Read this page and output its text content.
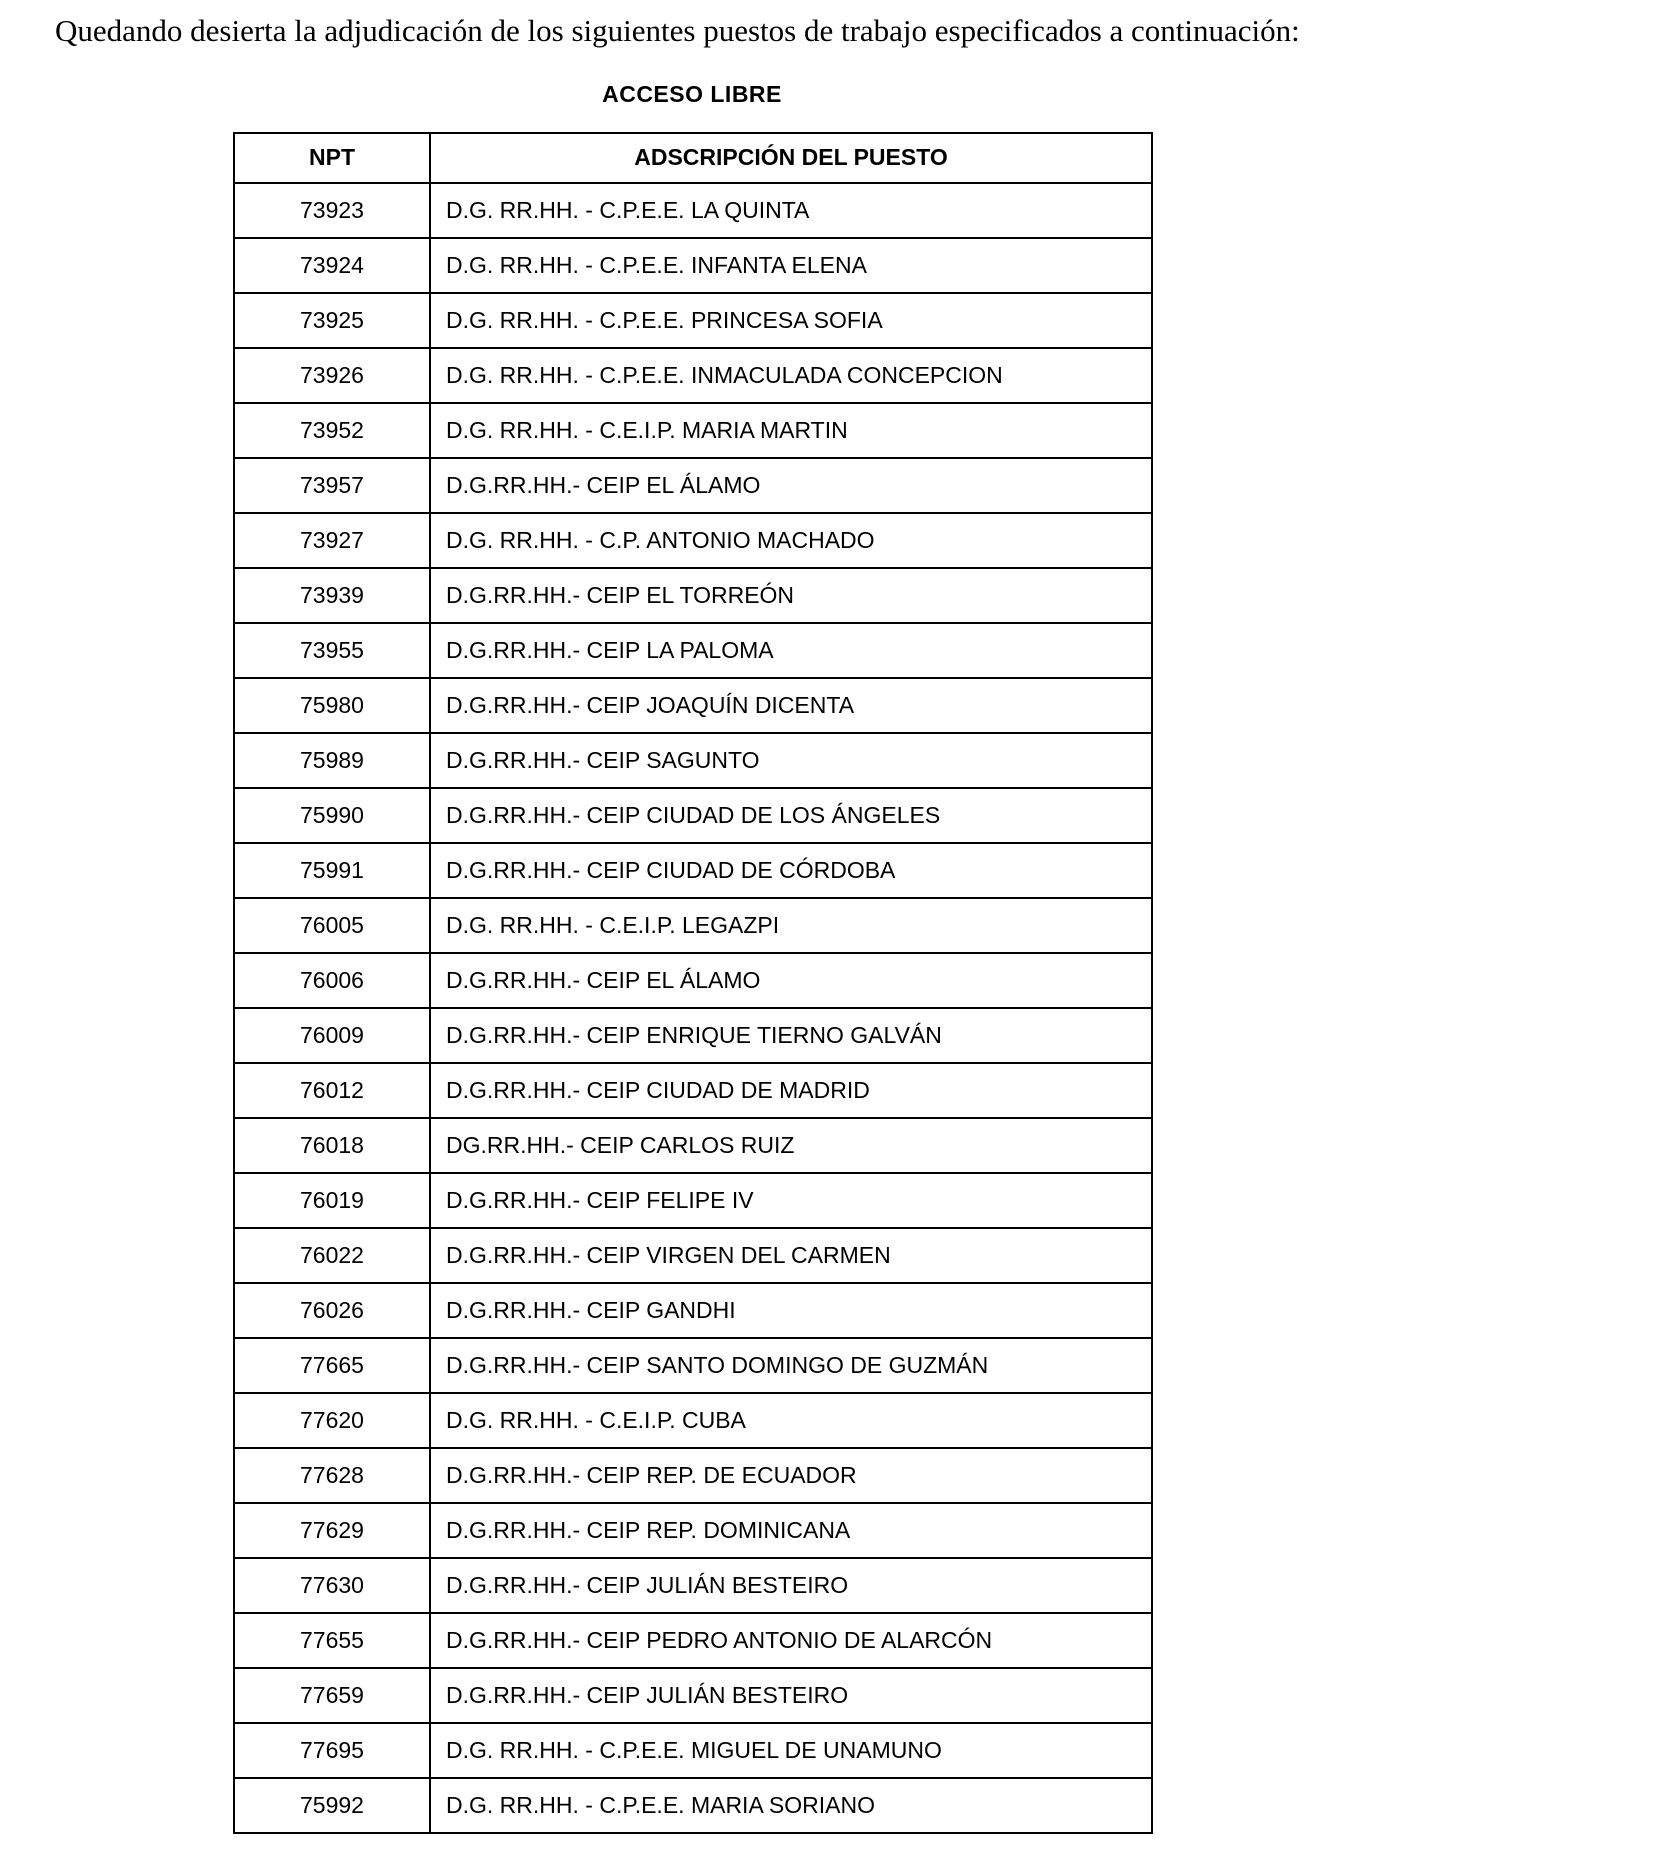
Quedando desierta la adjudicación de los siguientes puestos de trabajo especificados a continuación:
ACCESO LIBRE
NPT	ADSCRIPCIÓN DEL PUESTO
73923	D.G. RR.HH. - C.P.E.E. LA QUINTA
73924	D.G. RR.HH. - C.P.E.E. INFANTA ELENA
73925	D.G. RR.HH. - C.P.E.E. PRINCESA SOFIA
73926	D.G. RR.HH. - C.P.E.E. INMACULADA CONCEPCION
73952	D.G. RR.HH. - C.E.I.P. MARIA MARTIN
73957	D.G.RR.HH.- CEIP EL ÁLAMO
73927	D.G. RR.HH. - C.P. ANTONIO MACHADO
73939	D.G.RR.HH.- CEIP EL TORREÓN
73955	D.G.RR.HH.- CEIP LA PALOMA
75980	D.G.RR.HH.- CEIP JOAQUÍN DICENTA
75989	D.G.RR.HH.- CEIP SAGUNTO
75990	D.G.RR.HH.- CEIP CIUDAD DE LOS ÁNGELES
75991	D.G.RR.HH.- CEIP CIUDAD DE CÓRDOBA
76005	D.G. RR.HH. - C.E.I.P. LEGAZPI
76006	D.G.RR.HH.- CEIP EL ÁLAMO
76009	D.G.RR.HH.- CEIP ENRIQUE TIERNO GALVÁN
76012	D.G.RR.HH.- CEIP CIUDAD DE MADRID
76018	DG.RR.HH.- CEIP CARLOS RUIZ
76019	D.G.RR.HH.- CEIP FELIPE IV
76022	D.G.RR.HH.- CEIP VIRGEN DEL CARMEN
76026	D.G.RR.HH.- CEIP GANDHI
77665	D.G.RR.HH.- CEIP SANTO DOMINGO DE GUZMÁN
77620	D.G. RR.HH. - C.E.I.P. CUBA
77628	D.G.RR.HH.- CEIP REP. DE ECUADOR
77629	D.G.RR.HH.- CEIP REP. DOMINICANA
77630	D.G.RR.HH.- CEIP JULIÁN BESTEIRO
77655	D.G.RR.HH.- CEIP PEDRO ANTONIO DE ALARCÓN
77659	D.G.RR.HH.- CEIP JULIÁN BESTEIRO
77695	D.G. RR.HH. - C.P.E.E. MIGUEL DE UNAMUNO
75992	D.G. RR.HH. - C.P.E.E. MARIA SORIANO
